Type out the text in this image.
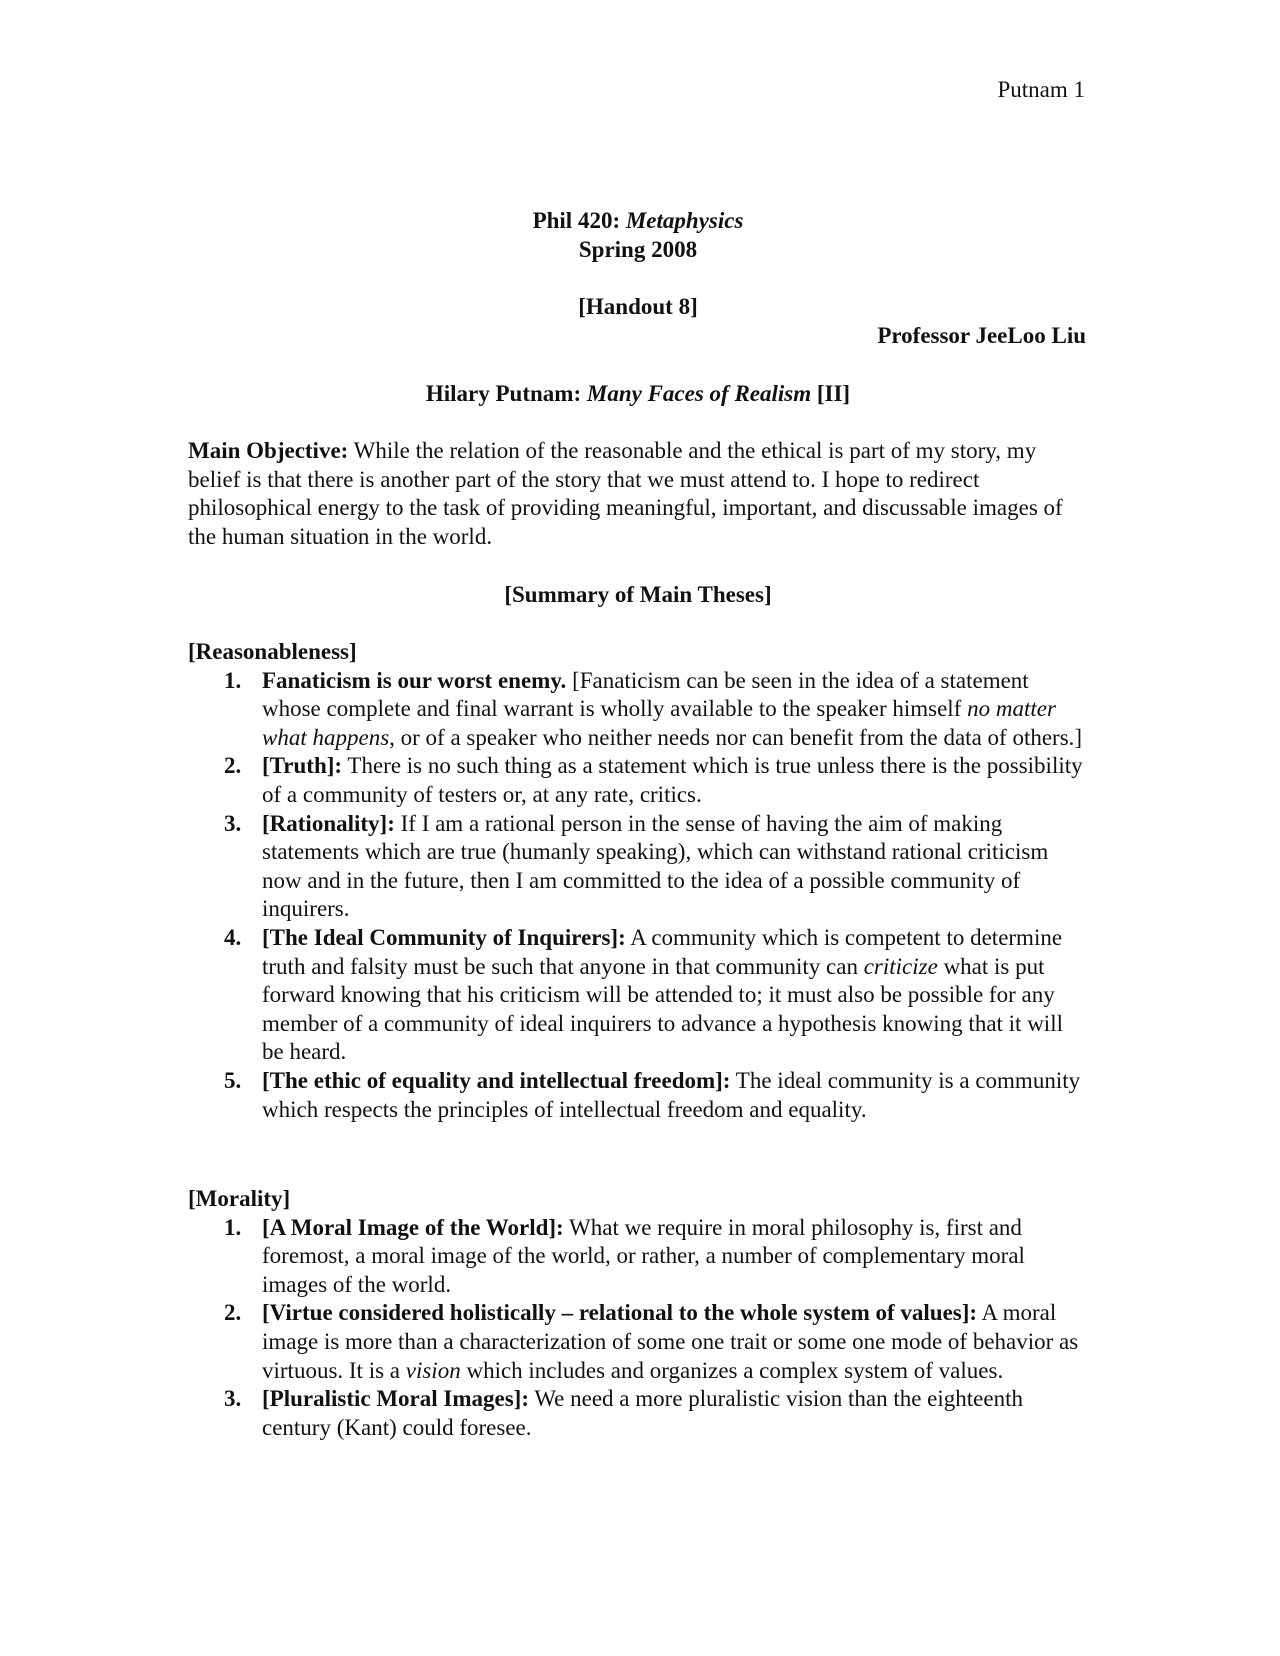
Putnam 1
Phil 420: Metaphysics
Spring 2008
[Handout 8]
Professor JeeLoo Liu
Hilary Putnam: Many Faces of Realism [II]
Main Objective: While the relation of the reasonable and the ethical is part of my story, my belief is that there is another part of the story that we must attend to. I hope to redirect philosophical energy to the task of providing meaningful, important, and discussable images of the human situation in the world.
[Summary of Main Theses]
[Reasonableness]
1. Fanaticism is our worst enemy. [Fanaticism can be seen in the idea of a statement whose complete and final warrant is wholly available to the speaker himself no matter what happens, or of a speaker who neither needs nor can benefit from the data of others.]
2. [Truth]: There is no such thing as a statement which is true unless there is the possibility of a community of testers or, at any rate, critics.
3. [Rationality]: If I am a rational person in the sense of having the aim of making statements which are true (humanly speaking), which can withstand rational criticism now and in the future, then I am committed to the idea of a possible community of inquirers.
4. [The Ideal Community of Inquirers]: A community which is competent to determine truth and falsity must be such that anyone in that community can criticize what is put forward knowing that his criticism will be attended to; it must also be possible for any member of a community of ideal inquirers to advance a hypothesis knowing that it will be heard.
5. [The ethic of equality and intellectual freedom]: The ideal community is a community which respects the principles of intellectual freedom and equality.
[Morality]
1. [A Moral Image of the World]: What we require in moral philosophy is, first and foremost, a moral image of the world, or rather, a number of complementary moral images of the world.
2. [Virtue considered holistically – relational to the whole system of values]: A moral image is more than a characterization of some one trait or some one mode of behavior as virtuous. It is a vision which includes and organizes a complex system of values.
3. [Pluralistic Moral Images]: We need a more pluralistic vision than the eighteenth century (Kant) could foresee.
